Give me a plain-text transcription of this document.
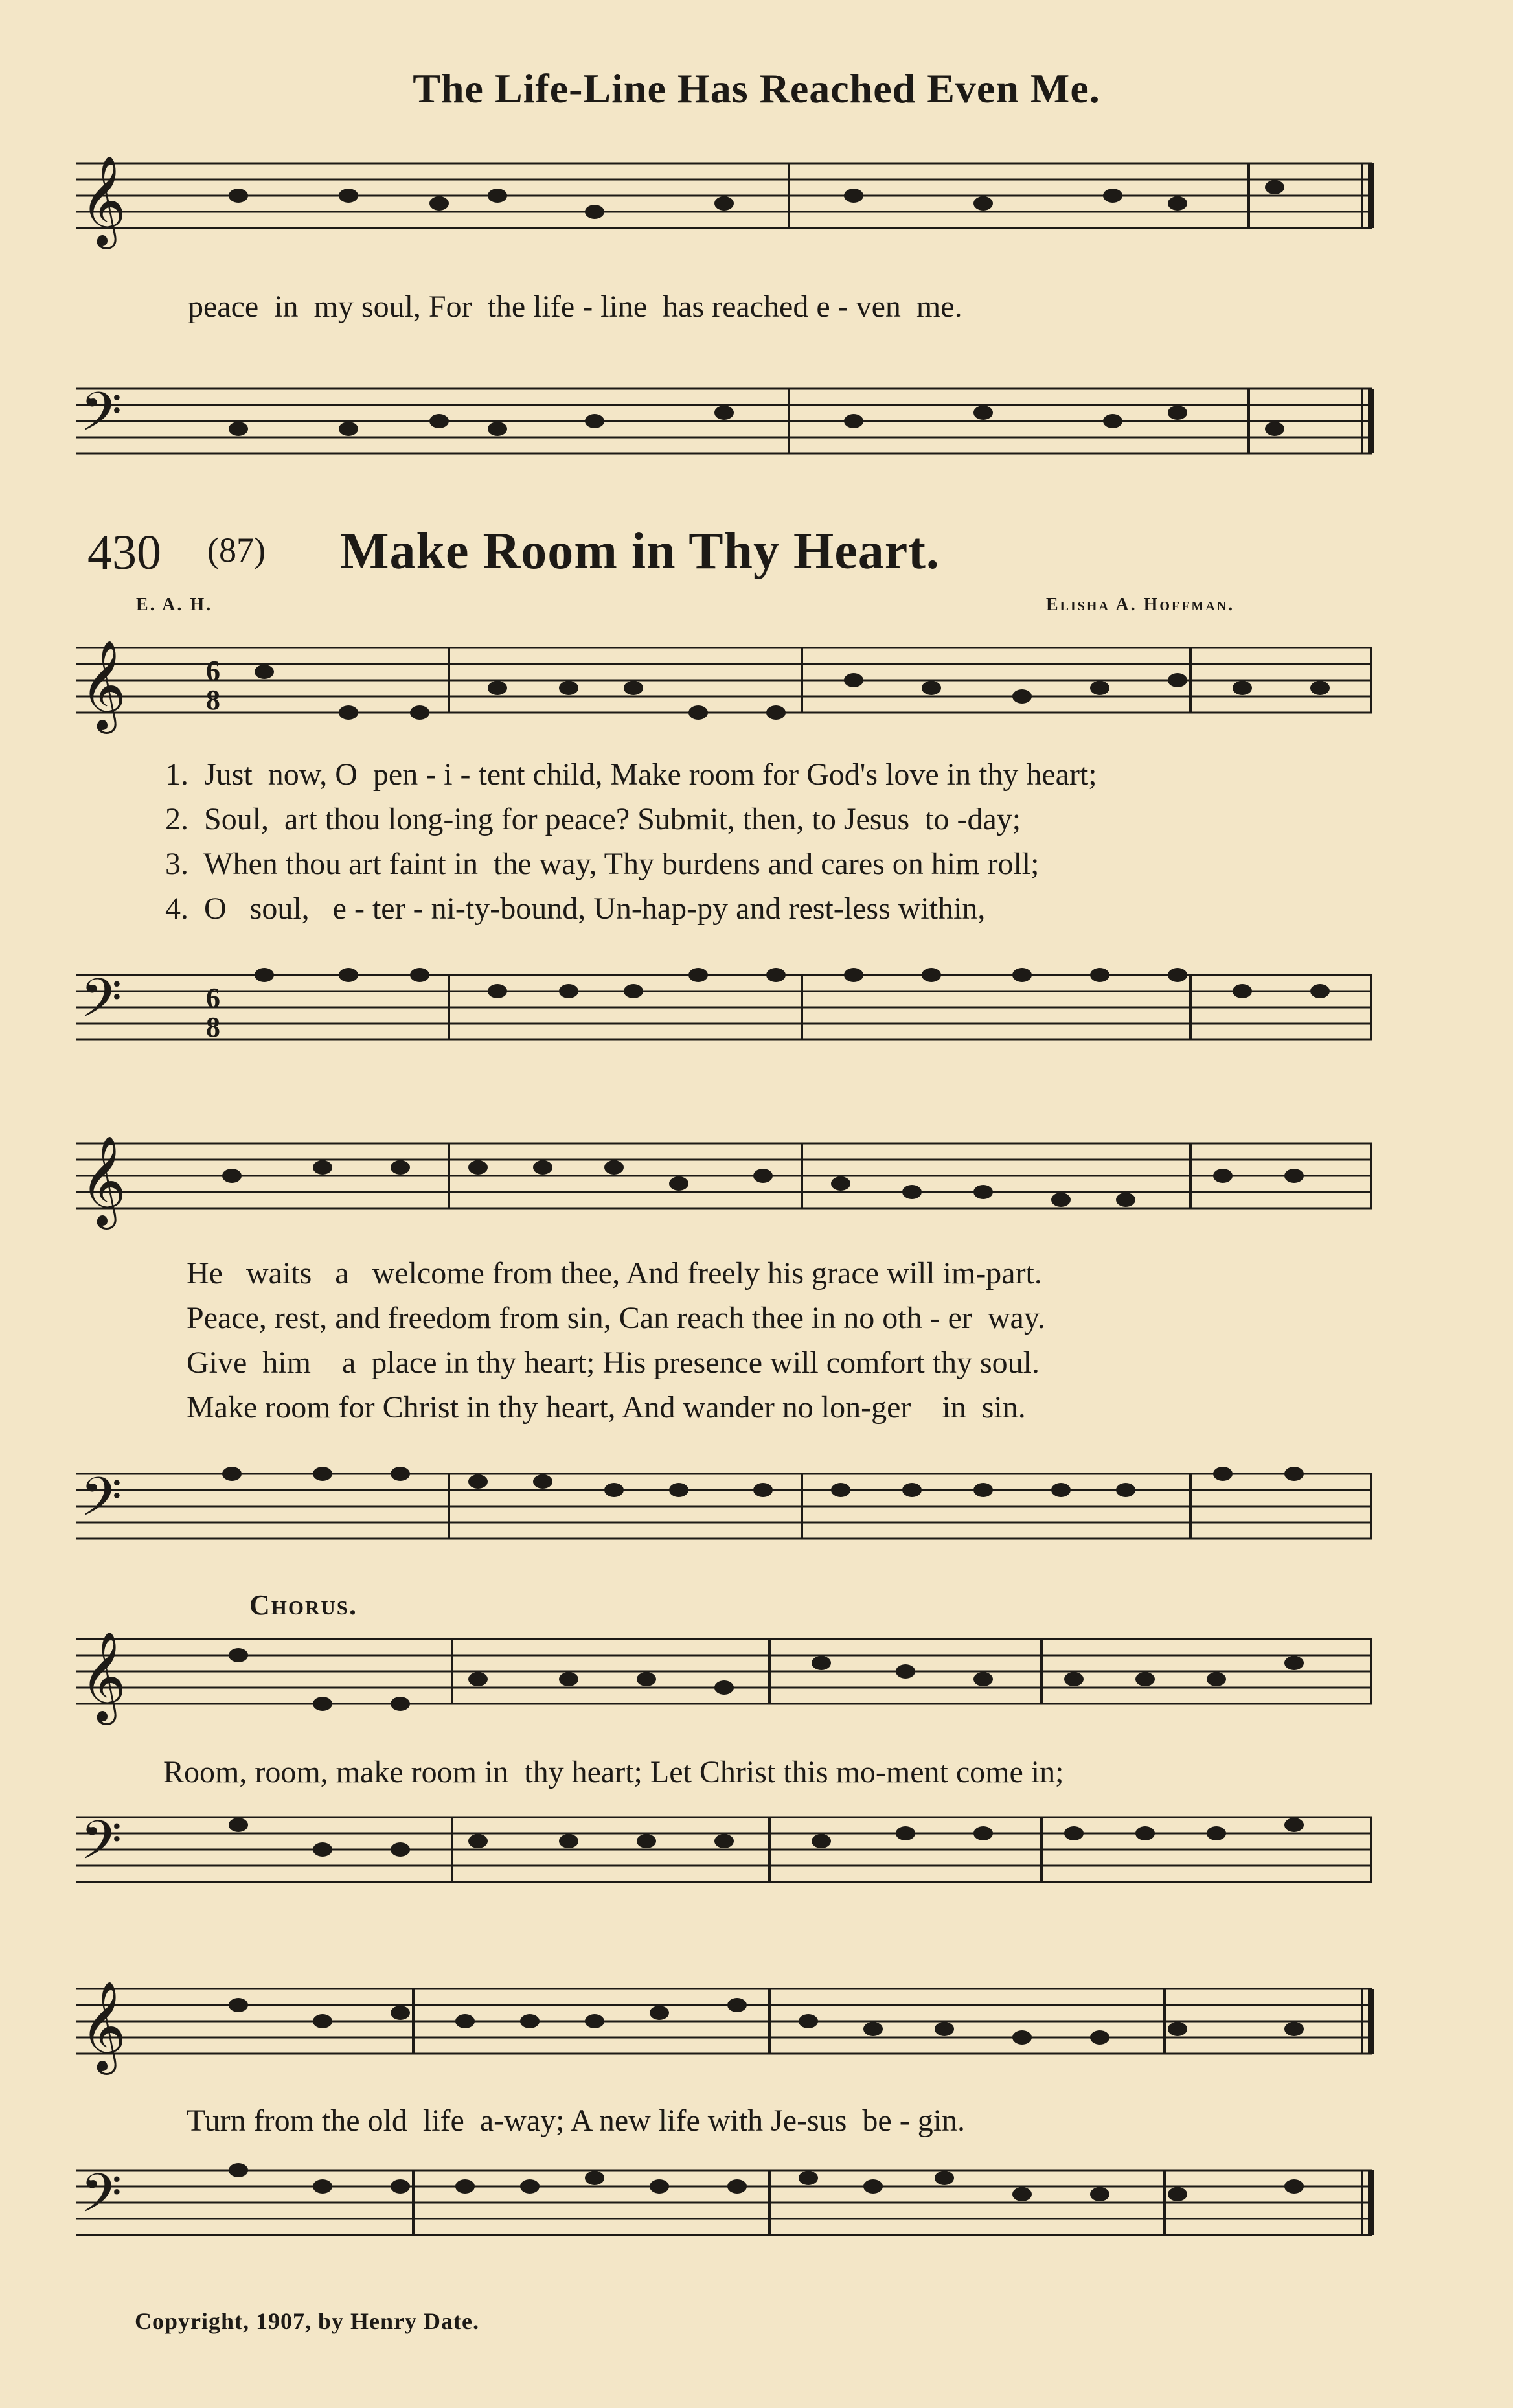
The Life-Line Has Reached Even Me.
𝄞
peace  in  my soul, For  the life - line  has reached e - ven  me.
𝄢
430 (87) Make Room in Thy Heart.
E. A. H.	Elisha A. Hoffman.
𝄞	6
8
1.  Just  now, O  pen - i - tent child, Make room for God's love in thy heart;
2.  Soul,  art thou long-ing for peace? Submit, then, to Jesus  to -day;
3.  When thou art faint in  the way, Thy burdens and cares on him roll;
4.  O   soul,   e - ter - ni-ty-bound, Un-hap-py and rest-less within,
𝄢	6
8
𝄞
He   waits   a   welcome from thee, And freely his grace will im-part.
Peace, rest, and freedom from sin, Can reach thee in no oth - er  way.
Give  him    a  place in thy heart; His presence will comfort thy soul.
Make room for Christ in thy heart, And wander no lon-ger    in  sin.
𝄢
Chorus.
𝄞
Room, room, make room in  thy heart; Let Christ this mo-ment come in;
𝄢
𝄞
Turn from the old  life  a-way; A new life with Je-sus  be - gin.
𝄢
Copyright, 1907, by Henry Date.
